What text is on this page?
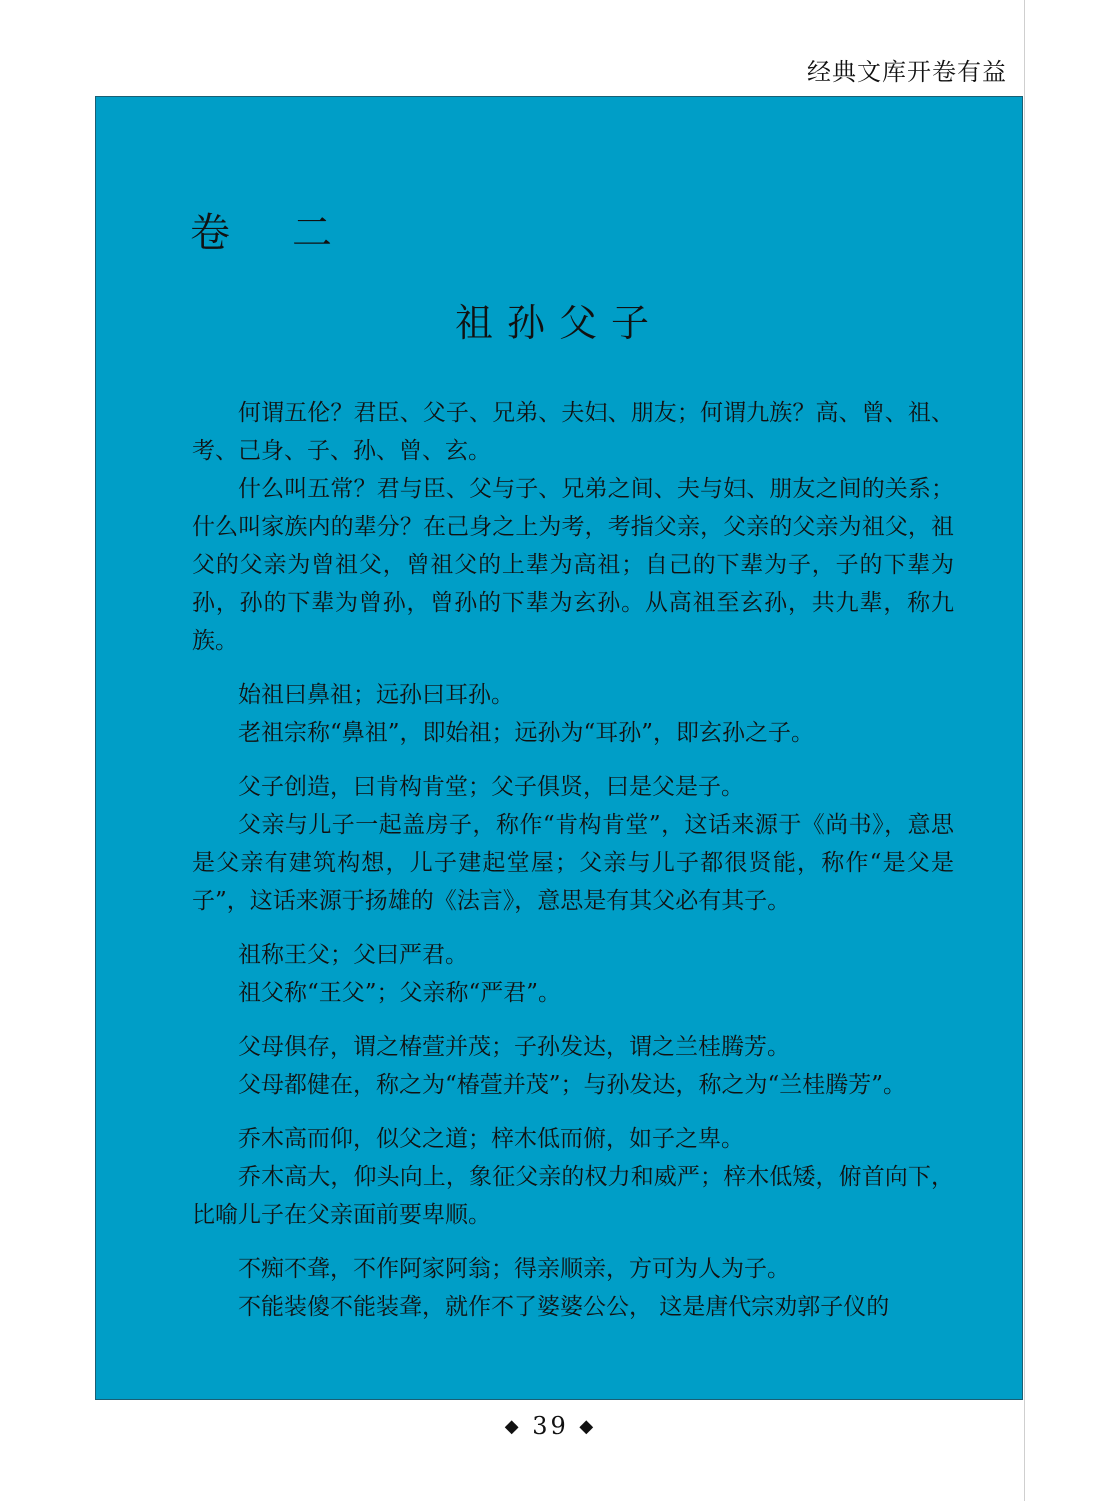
经典文库开卷有益
卷 二
祖孙父子

何谓五伦？君臣、父子、兄弟、夫妇、朋友；何谓九族？高、曾、祖、考、己身、子、孙、曾、玄。

什么叫五常？君与臣、父与子、兄弟之间、夫与妇、朋友之间的关系；什么叫家族内的辈分？在己身之上为考，考指父亲，父亲的父亲为祖父，祖父的父亲为曾祖父，曾祖父的上辈为高祖；自己的下辈为子，子的下辈为孙，孙的下辈为曾孙，曾孙的下辈为玄孙。从高祖至玄孙，共九辈，称九族。

始祖曰鼻祖；远孙曰耳孙。

老祖宗称“鼻祖”，即始祖；远孙为“耳孙”，即玄孙之子。

父子创造，曰肯构肯堂；父子俱贤，曰是父是子。

父亲与儿子一起盖房子，称作“肯构肯堂”，这话来源于《尚书》，意思是父亲有建筑构想，儿子建起堂屋；父亲与儿子都很贤能，称作“是父是子”，这话来源于扬雄的《法言》，意思是有其父必有其子。

祖称王父；父曰严君。

祖父称“王父”；父亲称“严君”。

父母俱存，谓之椿萱并茂；子孙发达，谓之兰桂腾芳。

父母都健在，称之为“椿萱并茂”；与孙发达，称之为“兰桂腾芳”。

乔木高而仰，似父之道；梓木低而俯，如子之卑。

乔木高大，仰头向上，象征父亲的权力和威严；梓木低矮，俯首向下，比喻儿子在父亲面前要卑顺。

不痴不聋，不作阿家阿翁；得亲顺亲，方可为人为子。

不能装傻不能装聋，就作不了婆婆公公， 这是唐代宗劝郭子仪的

◆ 39 ◆
